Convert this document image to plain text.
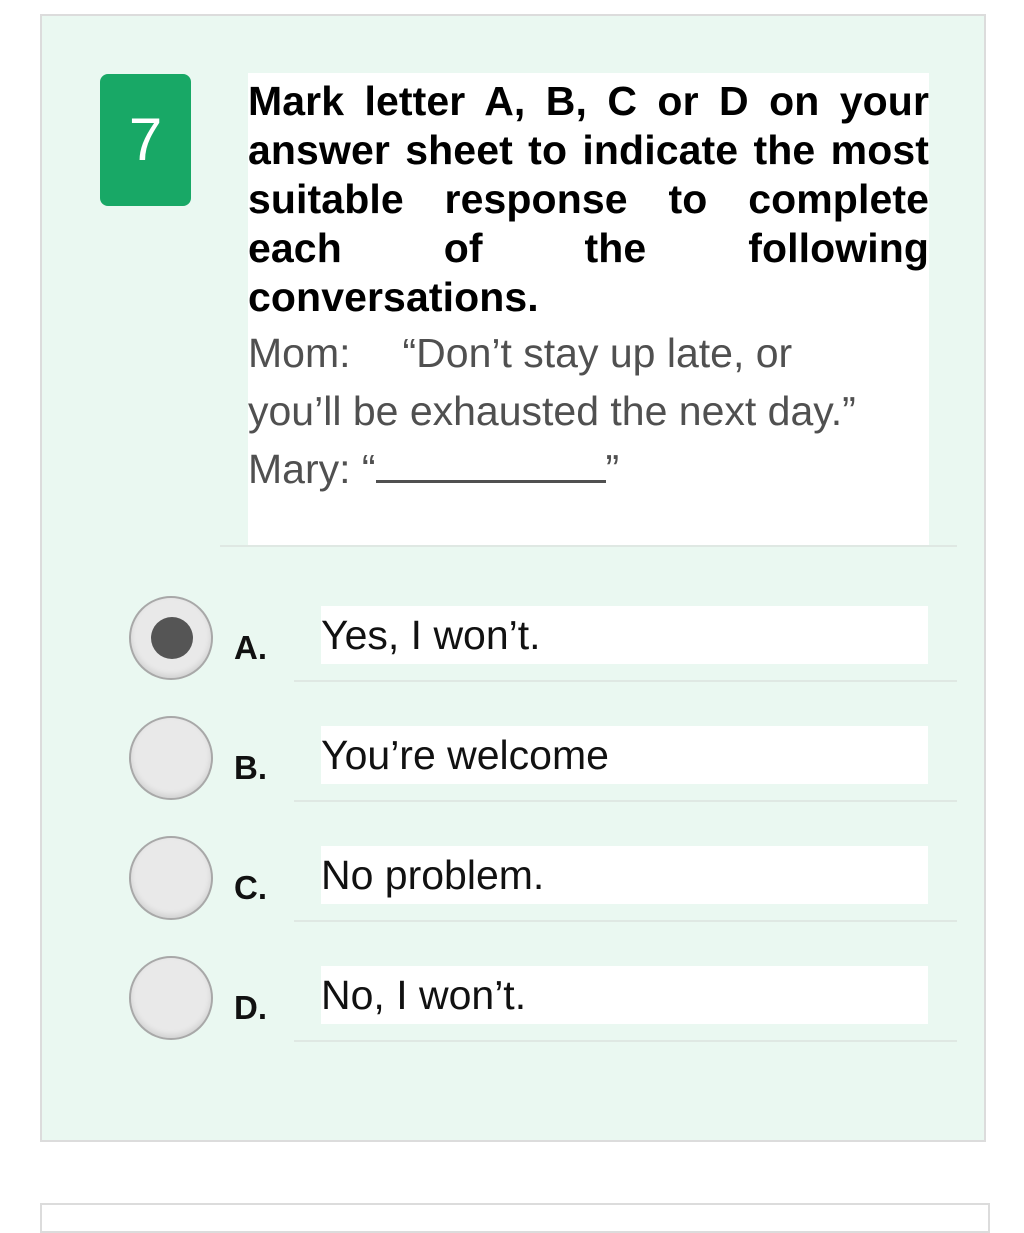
7

Mark letter A, B, C or D on your answer sheet to indicate the most suitable response to complete each of the following conversations.

Mom: “Don’t stay up late, or
you’ll be exhausted the next day.”
Mary: “	”
A. Yes, I won’t.
B. You’re welcome
C. No problem.
D. No, I won’t.
